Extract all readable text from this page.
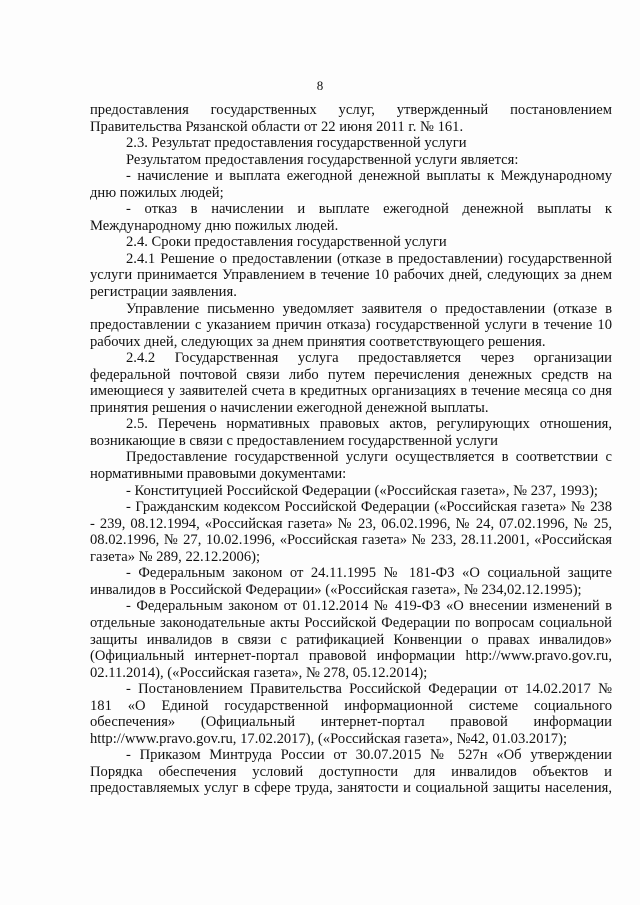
8

предоставления государственных услуг, утвержденный постановлением Правительства Рязанской области от 22 июня 2011 г. № 161.

2.3. Результат предоставления государственной услуги

Результатом предоставления государственной услуги является:

- начисление и выплата ежегодной денежной выплаты к Международному дню пожилых людей;

- отказ в начислении и выплате ежегодной денежной выплаты к Международному дню пожилых людей.

2.4. Сроки предоставления государственной услуги

2.4.1 Решение о предоставлении (отказе в предоставлении) государственной услуги принимается Управлением в течение 10 рабочих дней, следующих за днем регистрации заявления.

Управление письменно уведомляет заявителя о предоставлении (отказе в предоставлении с указанием причин отказа) государственной услуги в течение 10 рабочих дней, следующих за днем принятия соответствующего решения.

2.4.2 Государственная услуга предоставляется через организации федеральной почтовой связи либо путем перечисления денежных средств на имеющиеся у заявителей счета в кредитных организациях в течение месяца со дня принятия решения о начислении ежегодной денежной выплаты.

2.5. Перечень нормативных правовых актов, регулирующих отношения, возникающие в связи с предоставлением государственной услуги

Предоставление государственной услуги осуществляется в соответствии с нормативными правовыми документами:

- Конституцией Российской Федерации («Российская газета», № 237, 1993);

- Гражданским кодексом Российской Федерации («Российская газета» № 238 - 239, 08.12.1994, «Российская газета» № 23, 06.02.1996, № 24, 07.02.1996, № 25, 08.02.1996, № 27, 10.02.1996, «Российская газета» № 233, 28.11.2001, «Российская газета» № 289, 22.12.2006);

- Федеральным законом от 24.11.1995 № 181-ФЗ «О социальной защите инвалидов в Российской Федерации» («Российская газета», № 234,02.12.1995);

- Федеральным законом от 01.12.2014 № 419-ФЗ «О внесении изменений в отдельные законодательные акты Российской Федерации по вопросам социальной защиты инвалидов в связи с ратификацией Конвенции о правах инвалидов» (Официальный интернет-портал правовой информации http://www.pravo.gov.ru, 02.11.2014), («Российская газета», № 278, 05.12.2014);

- Постановлением Правительства Российской Федерации от 14.02.2017 № 181 «О Единой государственной информационной системе социального обеспечения» (Официальный интернет-портал правовой информации http://www.pravo.gov.ru, 17.02.2017), («Российская газета», №42, 01.03.2017);

- Приказом Минтруда России от 30.07.2015 № 527н «Об утверждении Порядка обеспечения условий доступности для инвалидов объектов и предоставляемых услуг в сфере труда, занятости и социальной защиты населения,
